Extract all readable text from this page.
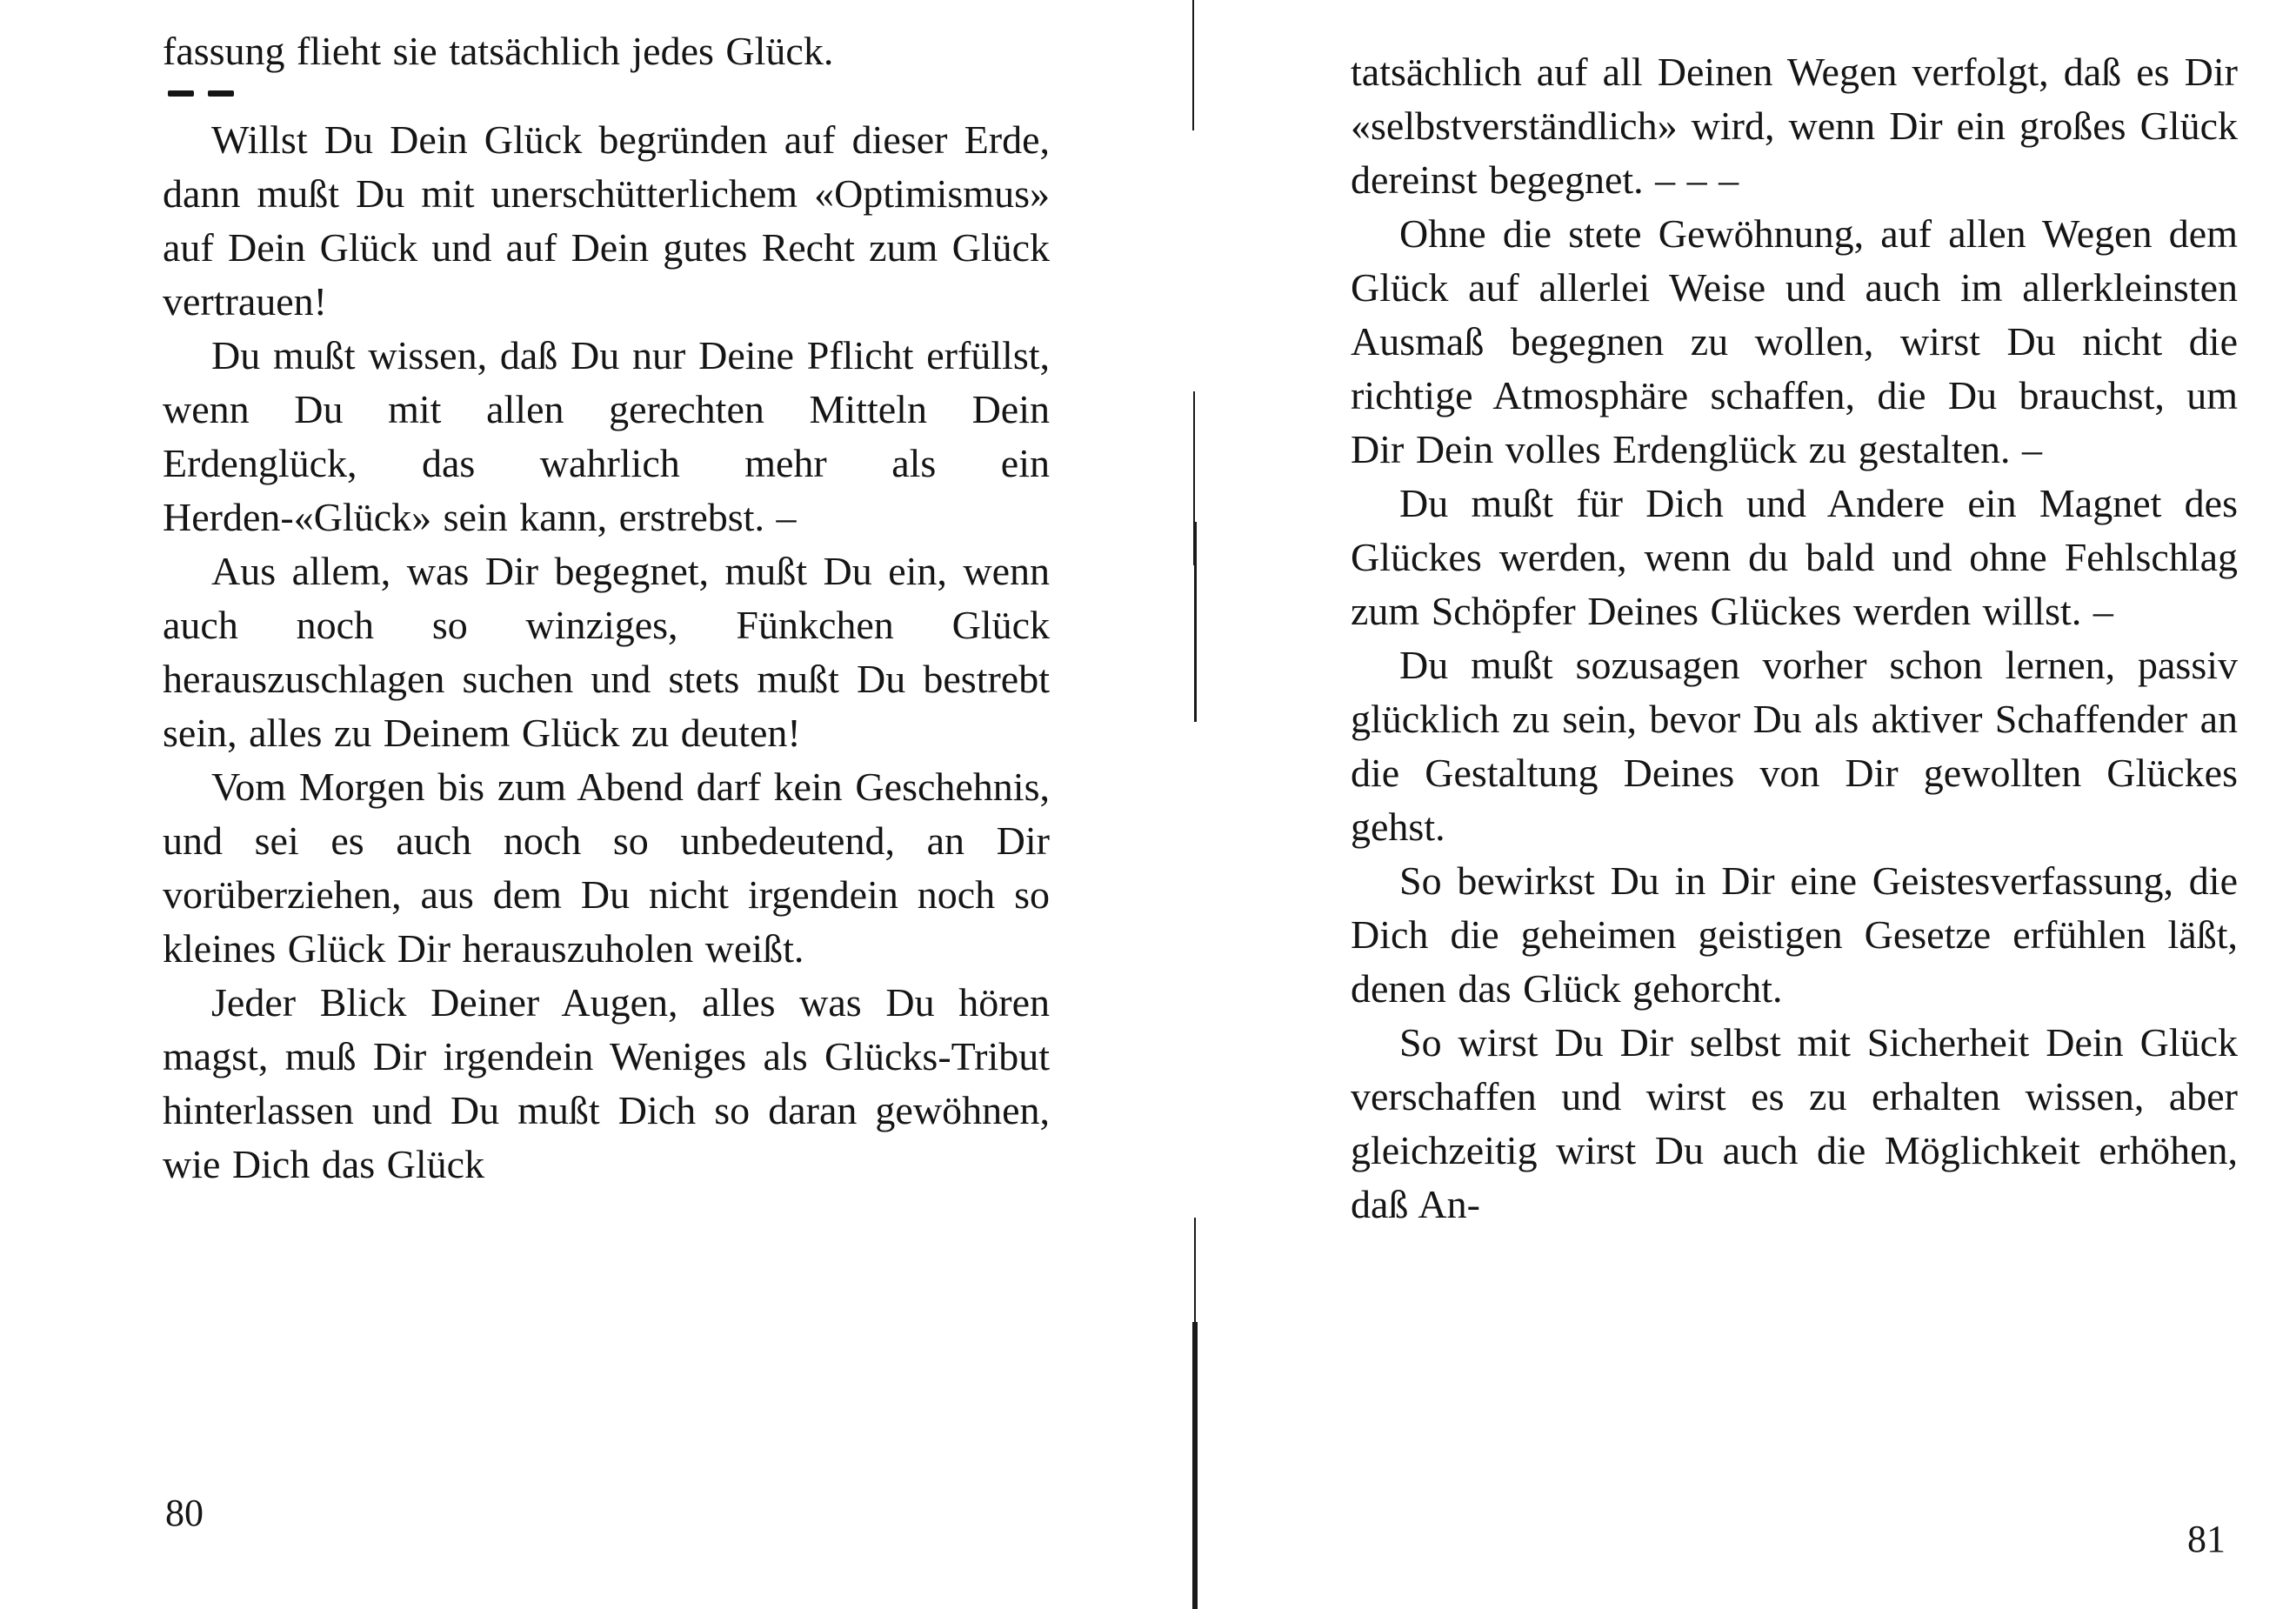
fassung flieht sie tatsächlich jedes Glück.

Willst Du Dein Glück begründen auf dieser Erde, dann mußt Du mit unerschütterlichem «Optimismus» auf Dein Glück und auf Dein gutes Recht zum Glück vertrauen!

Du mußt wissen, daß Du nur Deine Pflicht erfüllst, wenn Du mit allen gerechten Mitteln Dein Erdenglück, das wahrlich mehr als ein Herden-«Glück» sein kann, erstrebst. –

Aus allem, was Dir begegnet, mußt Du ein, wenn auch noch so winziges, Fünkchen Glück herauszuschlagen suchen und stets mußt Du bestrebt sein, alles zu Deinem Glück zu deuten!

Vom Morgen bis zum Abend darf kein Geschehnis, und sei es auch noch so unbedeutend, an Dir vorüberziehen, aus dem Du nicht irgendein noch so kleines Glück Dir herauszuholen weißt.

Jeder Blick Deiner Augen, alles was Du hören magst, muß Dir irgendein Weniges als Glücks-Tribut hinterlassen und Du mußt Dich so daran gewöhnen, wie Dich das Glück

80

tatsächlich auf all Deinen Wegen verfolgt, daß es Dir «selbstverständlich» wird, wenn Dir ein großes Glück dereinst begegnet. – – –

Ohne die stete Gewöhnung, auf allen Wegen dem Glück auf allerlei Weise und auch im allerkleinsten Ausmaß begegnen zu wollen, wirst Du nicht die richtige Atmosphäre schaffen, die Du brauchst, um Dir Dein volles Erdenglück zu gestalten. –

Du mußt für Dich und Andere ein Magnet des Glückes werden, wenn du bald und ohne Fehlschlag zum Schöpfer Deines Glückes werden willst. –

Du mußt sozusagen vorher schon lernen, passiv glücklich zu sein, bevor Du als aktiver Schaffender an die Gestaltung Deines von Dir gewollten Glückes gehst.

So bewirkst Du in Dir eine Geistesverfassung, die Dich die geheimen geistigen Gesetze erfühlen läßt, denen das Glück gehorcht.

So wirst Du Dir selbst mit Sicherheit Dein Glück verschaffen und wirst es zu erhalten wissen, aber gleichzeitig wirst Du auch die Möglichkeit erhöhen, daß An-

81
